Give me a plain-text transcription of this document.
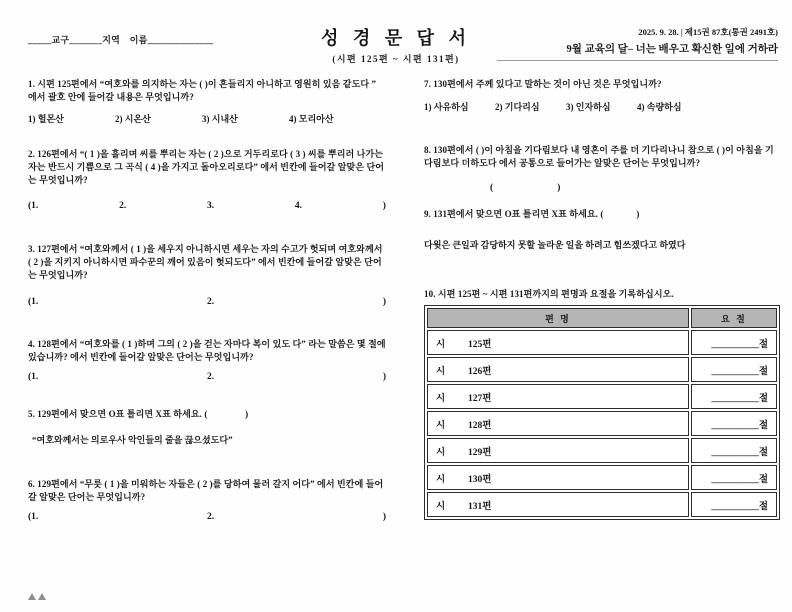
_____교구_______지역    이름______________	성 경 문 답 서
(시편 125편 ~ 시편 131편)
2025. 9. 28. | 제15권 87호(통권 2491호)
9월 교육의 달– 너는 배우고 확신한 일에 거하라
1. 시편 125편에서 “여호와를 의지하는 자는 ( )이 흔들리지 아니하고 영원히 있음 같도다 ” 에서 괄호 안에 들어갈 내용은 무엇입니까?
1) 헐몬산	2) 시온산	3) 시내산	4) 모리아산
2. 126편에서 “( 1 )을 흘리며 씨를 뿌리는 자는 ( 2 )으로 거두리로다 ( 3 ) 씨를 뿌리러 나가는 자는 반드시 기쁨으로 그 곡식 ( 4 )을 가지고 돌아오리로다” 에서 빈칸에 들어갈 알맞은 단어는 무엇입니까?
(1.	2.	3.	4.	)
3. 127편에서 “여호와께서 ( 1 )을 세우지 아니하시면 세우는 자의 수고가 헛되며 여호와께서 ( 2 )을 지키지 아니하시면 파수꾼의 깨어 있음이 헛되도다” 에서 빈칸에 들어갈 알맞은 단어는 무엇입니까?
(1.	2.	)
4. 128편에서 “여호와를 ( 1 )하며 그의 ( 2 )을 걷는 자마다 복이 있도 다” 라는 말씀은 몇 절에 있습니까? 에서 빈칸에 들어갈 알맞은 단어는 무엇입니까?
(1.	2.	)
5. 129편에서 맞으면 O표 틀리면 X표 하세요. (                )
“여호와께서는 의로우사 악인들의 줄을 끊으셨도다”
6. 129편에서 “무릇 ( 1 )을 미워하는 자들은 ( 2 )를 당하여 물러 갈지 어다” 에서 빈칸에 들어갈 알맞은 단어는 무엇입니까?
(1.	2.	)
7. 130편에서 주께 있다고 말하는 것이 아닌 것은 무엇입니까?
1) 사유하심	2) 기다리심	3) 인자하심	4) 속량하심
8. 130편에서 ( )이 아침을 기다림보다 내 영혼이 주를 더 기다리나니 참으로 ( )이 아침을 기다림보다 더하도다 에서 공통으로 들어가는 알맞은 단어는 무엇입니까?
(                           )
9. 131편에서 맞으면 O표 틀리면 X표 하세요. (              )
다윗은 큰일과 감당하지 못할 놀라운 일을 하려고 힘쓰겠다고 하였다
10. 시편 125편 ~ 시편 131편까지의 편명과 요절을 기록하십시오.
편 명	요 절
시 125편	__________절
시 126편	__________절
시 127편	__________절
시 128편	__________절
시 129편	__________절
시 130편	__________절
시 131편	__________절
